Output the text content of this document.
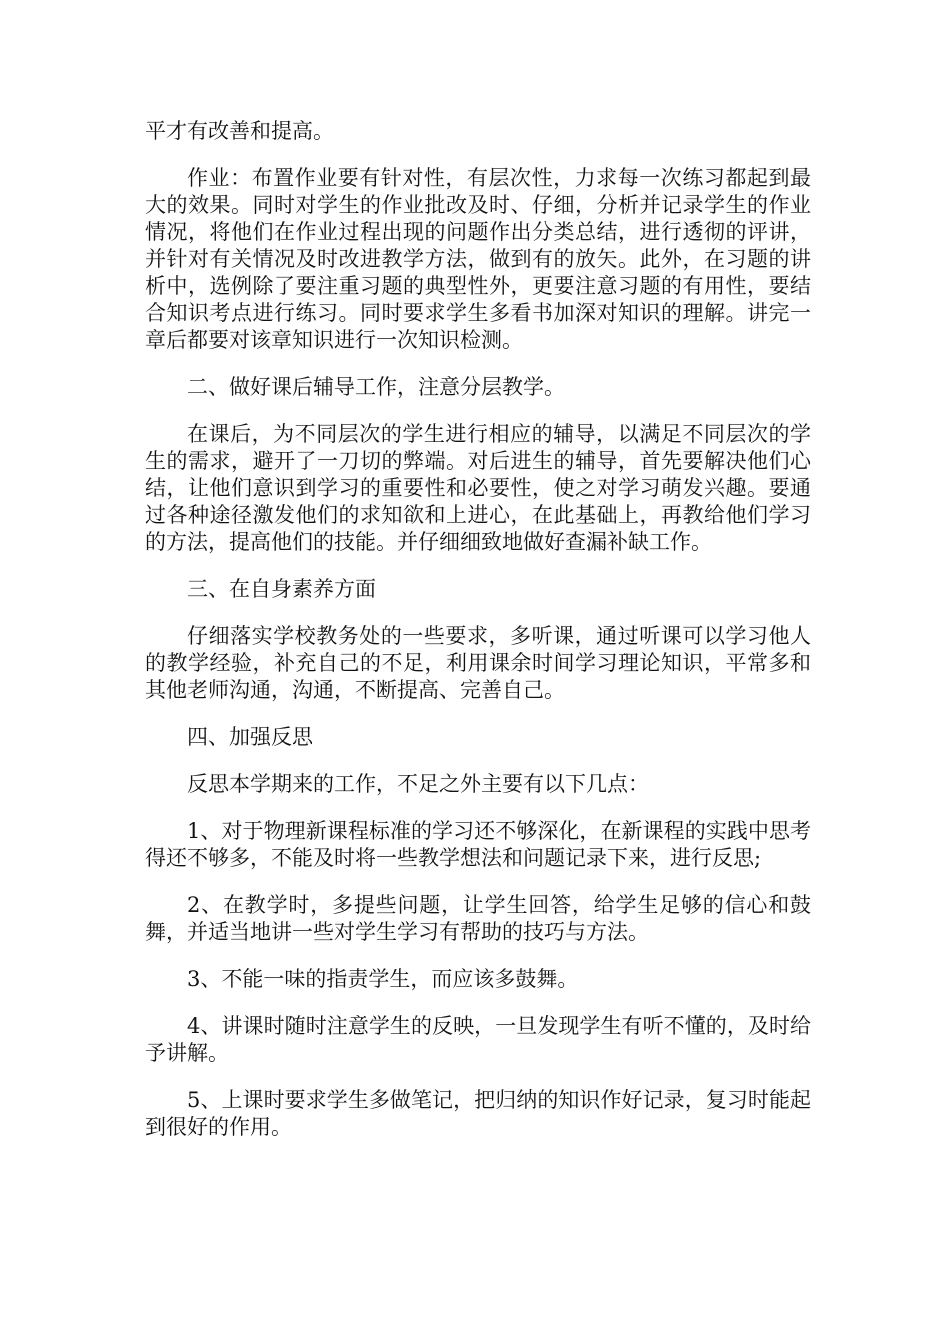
平才有改善和提高。

作业：布置作业要有针对性，有层次性，力求每一次练习都起到最大的效果。同时对学生的作业批改及时、仔细，分析并记录学生的作业情况，将他们在作业过程出现的问题作出分类总结，进行透彻的评讲，并针对有关情况及时改进教学方法，做到有的放矢。此外，在习题的讲析中，选例除了要注重习题的典型性外，更要注意习题的有用性，要结合知识考点进行练习。同时要求学生多看书加深对知识的理解。讲完一章后都要对该章知识进行一次知识检测。

二、做好课后辅导工作，注意分层教学。

在课后，为不同层次的学生进行相应的辅导，以满足不同层次的学生的需求，避开了一刀切的弊端。对后进生的辅导，首先要解决他们心结，让他们意识到学习的重要性和必要性，使之对学习萌发兴趣。要通过各种途径激发他们的求知欲和上进心，在此基础上，再教给他们学习的方法，提高他们的技能。并仔细细致地做好查漏补缺工作。

三、在自身素养方面

仔细落实学校教务处的一些要求，多听课，通过听课可以学习他人的教学经验，补充自己的不足，利用课余时间学习理论知识，平常多和其他老师沟通，沟通，不断提高、完善自己。

四、加强反思

反思本学期来的工作，不足之外主要有以下几点：

1、对于物理新课程标准的学习还不够深化，在新课程的实践中思考得还不够多，不能及时将一些教学想法和问题记录下来，进行反思;

2、在教学时，多提些问题，让学生回答，给学生足够的信心和鼓舞，并适当地讲一些对学生学习有帮助的技巧与方法。

3、不能一味的指责学生，而应该多鼓舞。

4、讲课时随时注意学生的反映，一旦发现学生有听不懂的，及时给予讲解。

5、上课时要求学生多做笔记，把归纳的知识作好记录，复习时能起到很好的作用。
